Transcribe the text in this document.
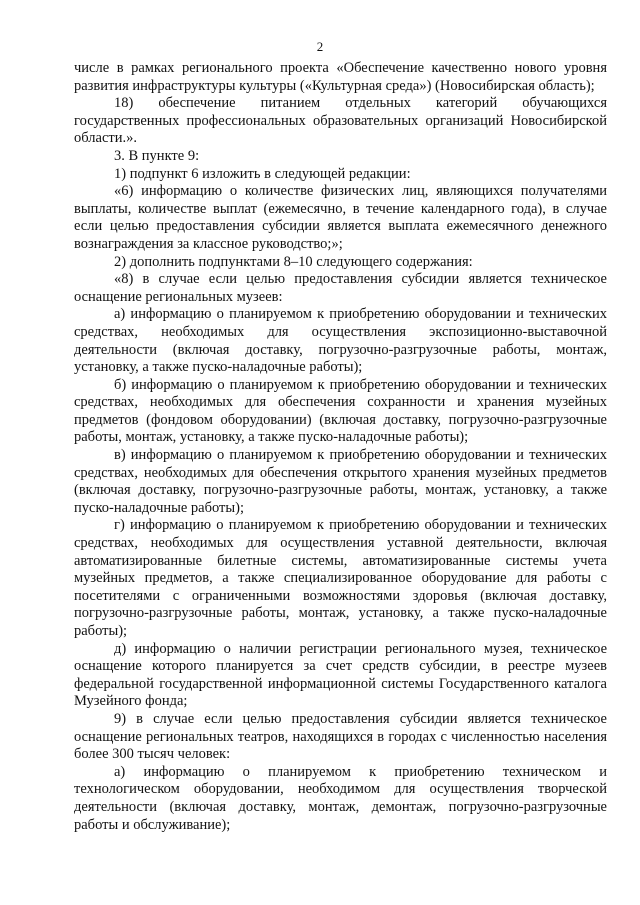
2

числе в рамках регионального проекта «Обеспечение качественно нового уровня развития инфраструктуры культуры («Культурная среда») (Новосибирская область);

18) обеспечение питанием отдельных категорий обучающихся государственных профессиональных образовательных организаций Новосибирской области.».

3. В пункте 9:

1) подпункт 6 изложить в следующей редакции:

«6) информацию о количестве физических лиц, являющихся получателями выплаты, количестве выплат (ежемесячно, в течение календарного года), в случае если целью предоставления субсидии является выплата ежемесячного денежного вознаграждения за классное руководство;»;

2) дополнить подпунктами 8–10 следующего содержания:

«8) в случае если целью предоставления субсидии является техническое оснащение региональных музеев:

а) информацию о планируемом к приобретению оборудовании и технических средствах, необходимых для осуществления экспозиционно-выставочной деятельности (включая доставку, погрузочно-разгрузочные работы, монтаж, установку, а также пуско-наладочные работы);

б) информацию о планируемом к приобретению оборудовании и технических средствах, необходимых для обеспечения сохранности и хранения музейных предметов (фондовом оборудовании) (включая доставку, погрузочно-разгрузочные работы, монтаж, установку, а также пуско-наладочные работы);

в) информацию о планируемом к приобретению оборудовании и технических средствах, необходимых для обеспечения открытого хранения музейных предметов (включая доставку, погрузочно-разгрузочные работы, монтаж, установку, а также пуско-наладочные работы);

г) информацию о планируемом к приобретению оборудовании и технических средствах, необходимых для осуществления уставной деятельности, включая автоматизированные билетные системы, автоматизированные системы учета музейных предметов, а также специализированное оборудование для работы с посетителями с ограниченными возможностями здоровья (включая доставку, погрузочно-разгрузочные работы, монтаж, установку, а также пуско-наладочные работы);

д) информацию о наличии регистрации регионального музея, техническое оснащение которого планируется за счет средств субсидии, в реестре музеев федеральной государственной информационной системы Государственного каталога Музейного фонда;

9) в случае если целью предоставления субсидии является техническое оснащение региональных театров, находящихся в городах с численностью населения более 300 тысяч человек:

а) информацию о планируемом к приобретению техническом и технологическом оборудовании, необходимом для осуществления творческой деятельности (включая доставку, монтаж, демонтаж, погрузочно-разгрузочные работы и обслуживание);
